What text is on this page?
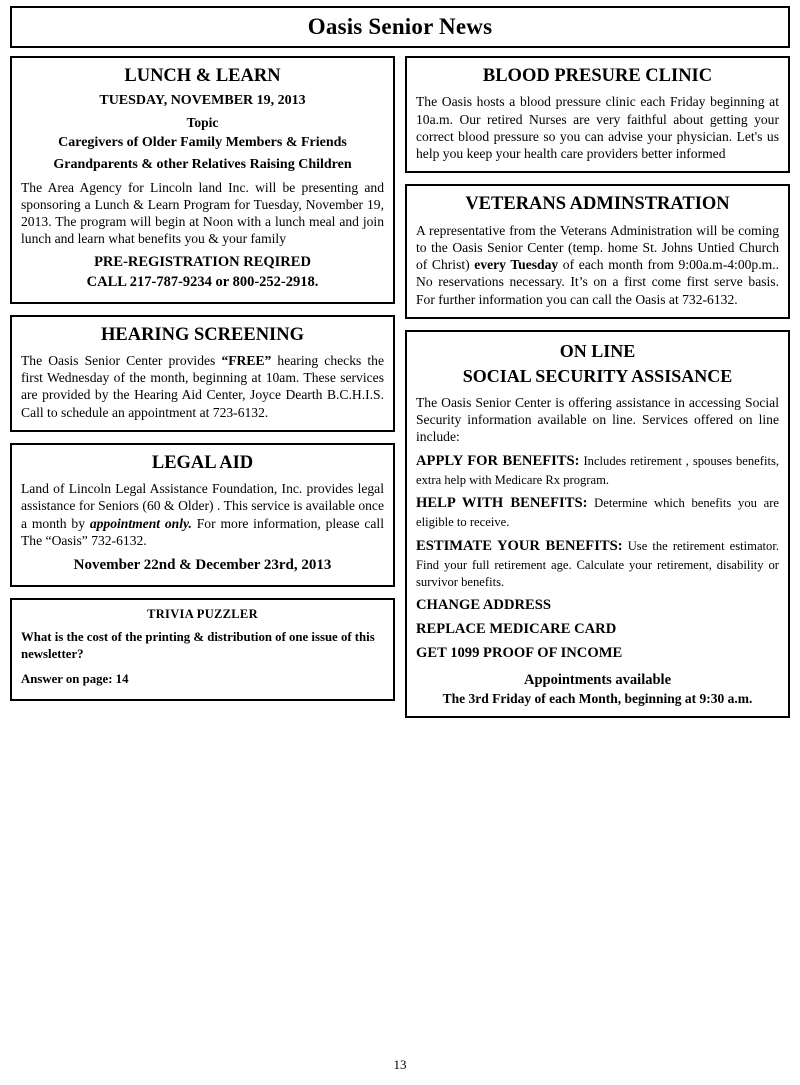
Oasis Senior News
LUNCH & LEARN
TUESDAY, NOVEMBER 19, 2013
Topic
Caregivers of Older Family Members & Friends
Grandparents & other Relatives Raising Children

The Area Agency for Lincoln land Inc. will be presenting and sponsoring a Lunch & Learn Program for Tuesday, November 19, 2013. The program will begin at Noon with a lunch meal and join lunch and learn what benefits you & your family

PRE-REGISTRATION REQIRED
CALL 217-787-9234 or 800-252-2918.
HEARING SCREENING

The Oasis Senior Center provides “FREE” hearing checks the first Wednesday of the month, beginning at 10am. These services are provided by the Hearing Aid Center, Joyce Dearth B.C.H.I.S. Call to schedule an appointment at 723-6132.

LEGAL AID

Land of Lincoln Legal Assistance Foundation, Inc. provides legal assistance for Seniors (60 & Older) . This service is available once a month by appointment only. For more information, please call The “Oasis” 732-6132.

November 22nd & December 23rd, 2013
TRIVIA PUZZLER

What is the cost of the printing & distribution of one issue of this newsletter?

Answer on page: 14

BLOOD PRESURE CLINIC

The Oasis hosts a blood pressure clinic each Friday beginning at 10a.m. Our retired Nurses are very faithful about getting your correct blood pressure so you can advise your physician. Let's us help you keep your health care providers better informed

VETERANS ADMINSTRATION

A representative from the Veterans Administration will be coming to the Oasis Senior Center (temp. home St. Johns Untied Church of Christ) every Tuesday of each month from 9:00a.m-4:00p.m.. No reservations necessary. It’s on a first come first serve basis. For further information you can call the Oasis at 732-6132.

ON LINE
SOCIAL SECURITY ASSISANCE

The Oasis Senior Center is offering assistance in accessing Social Security information available on line. Services offered on line include:

APPLY FOR BENEFITS: Includes retirement , spouses benefits, extra help with Medicare Rx program.

HELP WITH BENEFITS: Determine which benefits you are eligible to receive.

ESTIMATE YOUR BENEFITS: Use the retirement estimator. Find your full retirement age. Calculate your retirement, disability or survivor benefits.

CHANGE ADDRESS
REPLACE MEDICARE CARD
GET 1099 PROOF OF INCOME
Appointments available
The 3rd Friday of each Month, beginning at 9:30 a.m.
13
